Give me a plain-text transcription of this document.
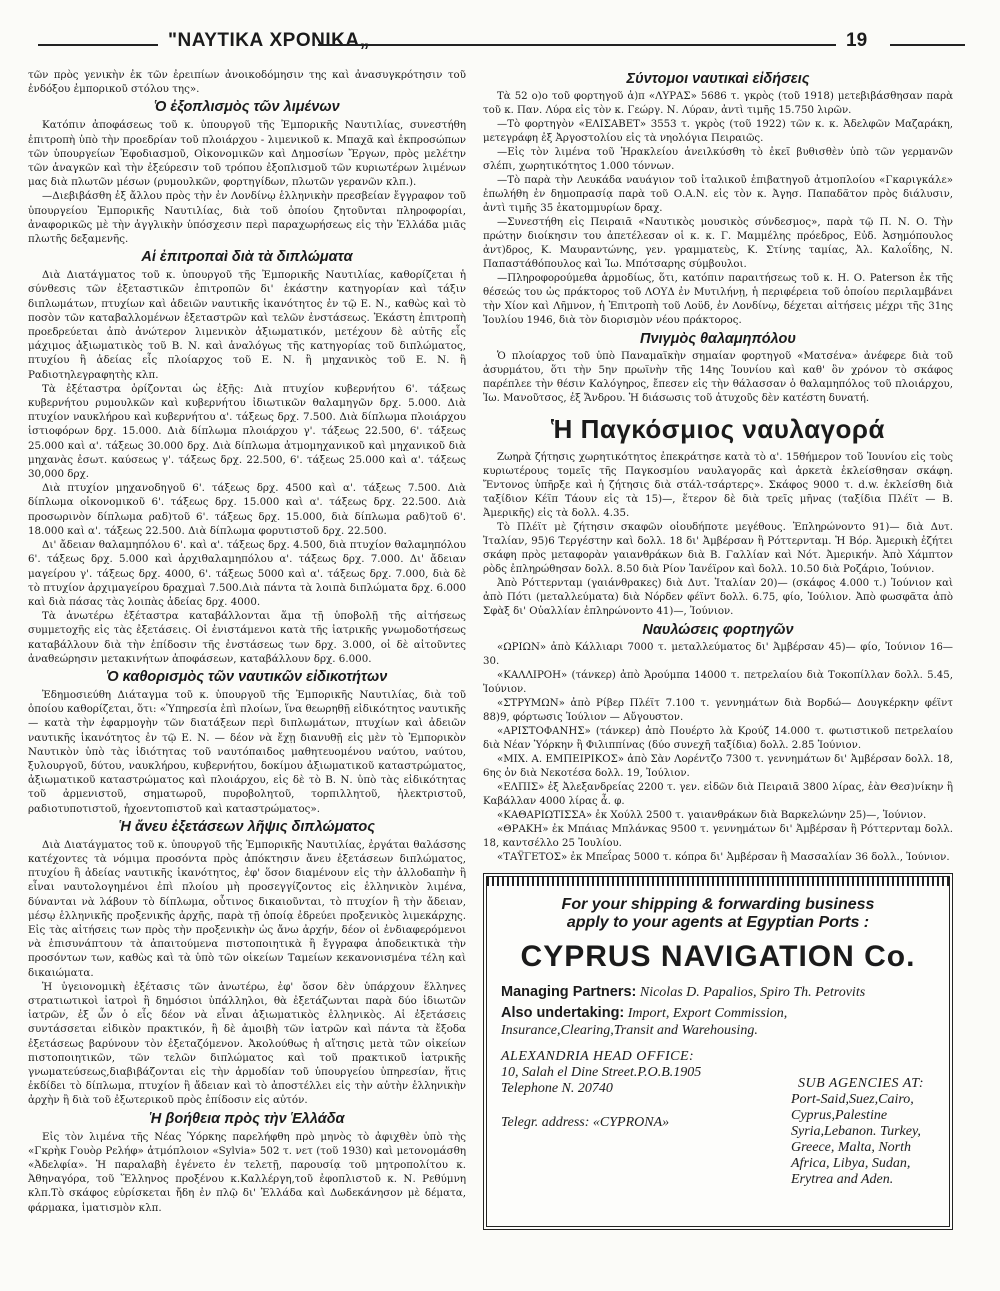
"ΝΑΥΤΙΚΑ ΧΡΟΝΙΚΑ„	19

τῶν πρὸς γενικὴν ἐκ τῶν ἐρειπίων ἀνοικοδόμησιν της καὶ ἀνασυγκρότησιν τοῦ ἐνδόξου ἐμπορικοῦ στόλου της».

Ὁ ἐξοπλισμὸς τῶν λιμένων

Κατόπιν ἀποφάσεως τοῦ κ. ὑπουργοῦ τῆς Ἐμπορικῆς Ναυτιλίας, συνεστήθη ἐπιτροπὴ ὑπὸ τὴν προεδρίαν τοῦ πλοιάρχου - λιμενικοῦ κ. Μπαχᾶ καὶ ἐκπροσώπων τῶν ὑπουργείων Ἐφοδιασμοῦ, Οἰκονομικῶν καὶ Δημοσίων Ἔργων, πρὸς μελέτην τῶν ἀναγκῶν καὶ τὴν ἐξεύρεσιν τοῦ τρόπου ἐξοπλισμοῦ τῶν κυριωτέρων λιμένων μας διὰ πλωτῶν μέσων (ρυμουλκῶν, φορτηγίδων, πλωτῶν γερανῶν κλπ.).

—Διεβιβάσθη ἐξ ἄλλου πρὸς τὴν ἐν Λονδίνῳ ἑλληνικὴν πρεσβείαν ἔγγραφον τοῦ ὑπουργείου Ἐμπορικῆς Ναυτιλίας, διὰ τοῦ ὁποίου ζητοῦνται πληροφορίαι, ἀναφορικῶς μὲ τὴν ἀγγλικὴν ὑπόσχεσιν περὶ παραχωρήσεως εἰς τὴν Ἑλλάδα μιᾶς πλωτῆς δεξαμενῆς.

Αἱ ἐπιτροπαὶ διὰ τὰ διπλώματα

Διὰ Διατάγματος τοῦ κ. ὑπουργοῦ τῆς Ἐμπορικῆς Ναυτιλίας, καθορίζεται ἡ σύνθεσις τῶν ἐξεταστικῶν ἐπιτροπῶν δι' ἑκάστην κατηγορίαν καὶ τάξιν διπλωμάτων, πτυχίων καὶ ἀδειῶν ναυτικῆς ἱκανότητος ἐν τῷ Ε. Ν., καθὼς καὶ τὸ ποσὸν τῶν καταβαλλομένων ἐξεταστρῶν καὶ τελῶν ἐνστάσεως. Ἑκάστη ἐπιτροπὴ προεδρεύεται ἀπὸ ἀνώτερον λιμενικὸν ἀξιωματικόν, μετέχουν δὲ αὐτῆς εἷς μάχιμος ἀξιωματικὸς τοῦ Β. Ν. καὶ ἀναλόγως τῆς κατηγορίας τοῦ διπλώματος, πτυχίου ἢ ἀδείας εἷς πλοίαρχος τοῦ Ε. Ν. ἢ μηχανικὸς τοῦ Ε. Ν. ἢ Ραδιοτηλεγραφητὴς κλπ.

Τὰ ἐξέταστρα ὁρίζονται ὡς ἑξῆς: Διὰ πτυχίον κυβερνήτου 6'. τάξεως κυβερνήτου ρυμουλκῶν καὶ κυβερνήτου ἰδιωτικῶν θαλαμηγῶν δρχ. 5.000. Διὰ πτυχίον ναυκλήρου καὶ κυβερνήτου α'. τάξεως δρχ. 7.500. Διὰ δίπλωμα πλοιάρχου ἱστιοφόρων δρχ. 15.000. Διὰ δίπλωμα πλοιάρχου γ'. τάξεως 22.500, 6'. τάξεως 25.000 καὶ α'. τάξεως 30.000 δρχ. Διὰ δίπλωμα ἀτμομηχανικοῦ καὶ μηχανικοῦ διὰ μηχανὰς ἐσωτ. καύσεως γ'. τάξεως δρχ. 22.500, 6'. τάξεως 25.000 καὶ α'. τάξεως 30,000 δρχ.

Διὰ πτυχίον μηχανοδηγοῦ 6'. τάξεως δρχ. 4500 καὶ α'. τάξεως 7.500. Διὰ δίπλωμα οἰκονομικοῦ 6'. τάξεως δρχ. 15.000 καὶ α'. τάξεως δρχ. 22.500. Διὰ προσωρινὸν δίπλωμα ραδ)τοῦ 6'. τάξεως δρχ. 15.000, διὰ δίπλωμα ραδ)τοῦ 6'. 18.000 καὶ α'. τάξεως 22.500. Διὰ δίπλωμα φορυτιστοῦ δρχ. 22.500.

Δι' ἄδειαν θαλαμηπόλου 6'. καὶ α'. τάξεως δρχ. 4.500, διὰ πτυχίον θαλαμηπόλου 6'. τάξεως δρχ. 5.000 καὶ ἀρχιθαλαμηπόλου α'. τάξεως δρχ. 7.000. Δι' ἄδειαν μαγείρου γ'. τάξεως δρχ. 4000, 6'. τάξεως 5000 καὶ α'. τάξεως δρχ. 7.000, διὰ δὲ τὸ πτυχίον ἀρχιμαγείρου δραχμαὶ 7.500.Διὰ πάντα τὰ λοιπὰ διπλώματα δρχ. 6.000 καὶ διὰ πάσας τὰς λοιπὰς ἀδείας δρχ. 4000.

Τὰ ἀνωτέρω ἐξέταστρα καταβάλλονται ἅμα τῇ ὑποβολῇ τῆς αἰτήσεως συμμετοχῆς εἰς τὰς ἐξετάσεις. Οἱ ἐνιστάμενοι κατὰ τῆς ἰατρικῆς γνωμοδοτήσεως καταβάλλουν διὰ τὴν ἐπίδοσιν τῆς ἐνστάσεως των δρχ. 3.000, οἱ δὲ αἰτοῦντες ἀναθεώρησιν μετακινήτων ἀποφάσεων, καταβάλλουν δρχ. 6.000.

Ὁ καθορισμὸς τῶν ναυτικῶν εἰδικοτήτων

Ἐδημοσιεύθη Διάταγμα τοῦ κ. ὑπουργοῦ τῆς Ἐμπορικῆς Ναυτιλίας, διὰ τοῦ ὁποίου καθορίζεται, ὅτι: «Ὑπηρεσία ἐπὶ πλοίων, ἵνα θεωρηθῇ εἰδικότητος ναυτικῆς — κατὰ τὴν ἐφαρμογὴν τῶν διατάξεων περὶ διπλωμάτων, πτυχίων καὶ ἀδειῶν ναυτικῆς ἱκανότητος ἐν τῷ Ε. Ν. — δέον νὰ ἔχῃ διανυθῇ εἰς μὲν τὸ Ἐμπορικὸν Ναυτικὸν ὑπὸ τὰς ἰδιότητας τοῦ ναυτόπαιδος μαθητευομένου ναύτου, ναύτου, ξυλουργοῦ, δύτου, ναυκλήρου, κυβερνήτου, δοκίμου ἀξιωματικοῦ καταστρώματος, ἀξιωματικοῦ καταστρώματος καὶ πλοιάρχου, εἰς δὲ τὸ Β. Ν. ὑπὸ τὰς εἰδικότητας τοῦ ἀρμενιστοῦ, σηματωροῦ, πυροβολητοῦ, τορπιλλητοῦ, ἠλεκτριστοῦ, ραδιοτυποτιστοῦ, ἠχοεντοπιστοῦ καὶ καταστρώματος».

Ἡ ἄνευ ἐξετάσεων λῆψις διπλώματος

Διὰ Διατάγματος τοῦ κ. ὑπουργοῦ τῆς Ἐμπορικῆς Ναυτιλίας, ἐργάται θαλάσσης κατέχοντες τὰ νόμιμα προσόντα πρὸς ἀπόκτησιν ἄνευ ἐξετάσεων διπλώματος, πτυχίου ἢ ἀδείας ναυτικῆς ἱκανότητος, ἐφ' ὅσον διαμένουν εἰς τὴν ἀλλοδαπὴν ἢ εἶναι ναυτολογημένοι ἐπὶ πλοίου μὴ προσεγγίζοντος εἰς ἑλληνικὸν λιμένα, δύνανται νὰ λάβουν τὸ δίπλωμα, οὗτινος δικαιοῦνται, τὸ πτυχίον ἢ τὴν ἄδειαν, μέσῳ ἑλληνικῆς προξενικῆς ἀρχῆς, παρὰ τῇ ὁποίᾳ ἐδρεύει προξενικὸς λιμεκάρχης. Εἰς τὰς αἰτήσεις των πρὸς τὴν προξενικὴν ὡς ἄνω ἀρχήν, δέον οἱ ἐνδιαφερόμενοι νὰ ἐπισυνάπτουν τὰ ἀπαιτούμενα πιστοποιητικὰ ἢ ἔγγραφα ἀποδεικτικὰ τὴν προσόντων των, καθὼς καὶ τὰ ὑπὸ τῶν οἰκείων Ταμείων κεκανονισμένα τέλη καὶ δικαιώματα.

Ἡ ὑγειονομικὴ ἐξέτασις τῶν ἀνωτέρω, ἐφ' ὅσον δὲν ὑπάρχουν ἕλληνες στρατιωτικοὶ ἰατροὶ ἢ δημόσιοι ὑπάλληλοι, θὰ ἐξετάζωνται παρὰ δύο ἰδιωτῶν ἰατρῶν, ἐξ ὧν ὁ εἷς δέον νὰ εἶναι ἀξιωματικὸς ἑλληνικὸς. Αἱ ἐξετάσεις συντάσσεται εἰδικὸν πρακτικόν, ἢ δὲ ἀμοιβὴ τῶν ἰατρῶν καὶ πάντα τὰ ἔξοδα ἐξετάσεως βαρύνουν τὸν ἐξεταζόμενον. Ἀκολούθως ἡ αἴτησις μετὰ τῶν οἰκείων πιστοποιητικῶν, τῶν τελῶν διπλώματος καὶ τοῦ πρακτικοῦ ἰατρικῆς γνωματεύσεως,διαβιβάζονται εἰς τὴν ἁρμοδίαν τοῦ ὑπουργείου ὑπηρεσίαν, ἥτις ἐκδίδει τὸ δίπλωμα, πτυχίον ἢ ἄδειαν καὶ τὸ ἀποστέλλει εἰς τὴν αὐτὴν ἑλληνικὴν ἀρχὴν ἢ διὰ τοῦ ἐξωτερικοῦ πρὸς ἐπίδοσιν εἰς αὐτόν.

Ἡ βοήθεια πρὸς τὴν Ἑλλάδα

Εἰς τὸν λιμένα τῆς Νέας Ὑόρκης παρελήφθη πρὸ μηνὸς τὸ ἀφιχθὲν ὑπὸ τὴς «Γκρὴκ Γουὸρ Ρελήφ» ἀτμόπλοιον «Sylvia» 502 τ. νετ (τοῦ 1930) καὶ μετονομάσθη «Ἀδελφία». Ἡ παραλαβὴ ἐγένετο ἐν τελετῇ, παρουσίᾳ τοῦ μητροπολίτου κ. Ἀθηναγόρα, τοῦ Ἕλληνος προξένου κ.Καλλέργη,τοῦ ἐφοπλιστοῦ κ. Ν. Ρεθύμνη κλπ.Τὸ σκάφος εὑρίσκεται ἤδη ἐν πλῷ δι' Ἑλλάδα καὶ Δωδεκάνησον μὲ δέματα, φάρμακα, ἱματισμὸν κλπ.

Σύντομοι ναυτικαὶ εἰδήσεις

Τὰ 52 ο)ο τοῦ φορτηγοῦ ἀ)π «ΛΥΡΑΣ» 5686 τ. γκρὸς (τοῦ 1918) μετεβιβάσθησαν παρὰ τοῦ κ. Παν. Λύρα εἰς τὸν κ. Γεώργ. Ν. Λύραν, ἀντὶ τιμῆς 15.750 λιρῶν.

—Τὸ φορτηγὸν «ΕΛΙΣΑΒΕΤ» 3553 τ. γκρὸς (τοῦ 1922) τῶν κ. κ. Ἀδελφῶν Μαζαράκη, μετεγράφη ἐξ Ἀργοστολίου εἰς τὰ νηολόγια Πειραιῶς.

—Εἰς τὸν λιμένα τοῦ Ἡρακλείου ἀνειλκύσθη τὸ ἐκεῖ βυθισθὲν ὑπὸ τῶν γερμανῶν σλέπι, χωρητικότητος 1.000 τόννων.

—Τὸ παρὰ τὴν Λευκάδα ναυάγιον τοῦ ἰταλικοῦ ἐπιβατηγοῦ ἀτμοπλοίου «Γκαριγκάλε» ἐπωλήθη ἐν δημοπρασίᾳ παρὰ τοῦ Ο.Α.Ν. εἰς τὸν κ. Ἀγησ. Παπαδᾶτον πρὸς διάλυσιν, ἀντὶ τιμῆς 35 ἑκατομμυρίων δραχ.

—Συνεστήθη εἰς Πειραιᾶ «Ναυτικὸς μουσικὸς σύνδεσμος», παρὰ τῷ Π. Ν. Ο. Τὴν πρώτην διοίκησιν του ἀπετέλεσαν οἱ κ. κ. Γ. Μαμμέλης πρόεδρος, Εὐδ. Ἀσημόπουλος ἀντ)δρος, Κ. Μαυραντώνης, γεν. γραμματεὺς, Κ. Στίνης ταμίας, Ἀλ. Καλοΐδης, Ν. Παπαστάθόπουλος καὶ Ἰω. Μπότσαρης σύμβουλοι.

—Πληροφορούμεθα ἁρμοδίως, ὅτι, κατόπιν παραιτήσεως τοῦ κ. Η. Ο. Paterson ἐκ τῆς θέσεώς του ὡς πράκτορος τοῦ ΛΟΥΔ ἐν Μυτιλήνῃ, ἡ περιφέρεια τοῦ ὁποίου περιλαμβάνει τὴν Χίον καὶ Λῆμνον, ἡ Ἐπιτροπὴ τοῦ Λοϋδ, ἐν Λονδίνῳ, δέχεται αἰτήσεις μέχρι τῆς 31ης Ἰουλίου 1946, διὰ τὸν διορισμὸν νέου πράκτορος.

Πνιγμὸς θαλαμηπόλου

Ὁ πλοίαρχος τοῦ ὑπὸ Παναμαϊκὴν σημαίαν φορτηγοῦ «Ματσένα» ἀνέφερε διὰ τοῦ ἀσυρμάτου, ὅτι τὴν 5ην πρωϊνὴν τῆς 14ης Ἰουνίου καὶ καθ' ὃν χρόνον τὸ σκάφος παρέπλεε τὴν θέσιν Καλόγηρος, ἔπεσεν εἰς τὴν θάλασσαν ὁ θαλαμηπόλος τοῦ πλοιάρχου, Ἰω. Μανοῦτσος, ἐξ Ἄνδρου. Ἡ διάσωσις τοῦ ἀτυχοῦς δὲν κατέστη δυνατή.

Ἡ Παγκόσμιος ναυλαγορά

Ζωηρὰ ζήτησις χωρητικότητος ἐπεκράτησε κατὰ τὸ α'. 15θήμερον τοῦ Ἰουνίου εἰς τοὺς κυριωτέρους τομεῖς τῆς Παγκοσμίου ναυλαγορᾶς καὶ ἀρκετὰ ἐκλείσθησαν σκάφη. Ἔντονος ὑπῆρξε καὶ ἡ ζήτησις διὰ στάλ-τσάρτερς». Σκάφος 9000 τ. d.w. ἐκλείσθη διὰ ταξίδιον Κέϊπ Τάουν εἰς τὰ 15)—, ἕτερον δὲ διὰ τρεῖς μῆνας (ταξίδια Πλέϊτ — Β. Ἀμερικῆς) εἰς τὰ δολλ. 4.35.

Τὸ Πλέϊτ μὲ ζήτησιν σκαφῶν οἱουδήποτε μεγέθους. Ἐπληρώνοντο 91)— διὰ Δυτ. Ἰταλίαν, 95)6 Τεργέστην καὶ δολλ. 18 δι' Ἀμβέρσαν ἢ Ρόττερνταμ. Ἡ Βόρ. Ἀμερικὴ ἐζήτει σκάφη πρὸς μεταφορὰν γαιανθράκων διὰ Β. Γαλλίαν καὶ Νότ. Ἀμερικήν. Ἀπὸ Χάμπτον ρὸδς ἐπληρώθησαν δολλ. 8.50 διὰ Ρίον Ἰανέϊρον καὶ δολλ. 10.50 διὰ Ροζάριο, Ἰούνιον.

Ἀπὸ Ρόττερνταμ (γαιάνθρακες) διὰ Δυτ. Ἰταλίαν 20)— (σκάφος 4.000 τ.) Ἰούνιον καὶ ἀπὸ Πότι (μεταλλεύματα) διὰ Νόρδεν φέϊντ δολλ. 6.75, φίο, Ἰούλιον. Ἀπὸ φωσφᾶτα ἀπὸ Σφὰξ δι' Οὐαλλίαν ἐπληρώνοντο 41)—, Ἰούνιον.

Ναυλώσεις φορτηγῶν

«ΩΡΙΩΝ» ἀπὸ Κάλλιαρι 7000 τ. μεταλλεύματος δι' Ἀμβέρσαν 45)— φίο, Ἰούνιον 16—30.

«ΚΑΛΛΙΡΟΗ» (τάνκερ) ἀπὸ Ἀρούμπα 14000 τ. πετρελαίου διὰ Τοκοπίλλαν δολλ. 5.45, Ἰούνιον.

«ΣΤΡΥΜΩΝ» ἀπὸ Ρίβερ Πλέϊτ 7.100 τ. γεννημάτων διὰ Βορδώ— Δουγκέρκην φέϊντ 88)9, φόρτωσις Ἰούλιον — Αὔγουστον.

«ΑΡΙΣΤΟΦΑΝΗΣ» (τάνκερ) ἀπὸ Πουέρτο λὰ Κρούζ 14.000 τ. φωτιστικοῦ πετρελαίου διὰ Νέαν Ὑόρκην ἢ Φιλιππίνας (δύο συνεχῆ ταξίδια) δολλ. 2.85 Ἰούνιον.

«ΜΙΧ. Α. ΕΜΠΕΙΡΙΚΟΣ» ἀπὸ Σὰν Λορέντζο 7300 τ. γεννημάτων δι' Ἀμβέρσαν δολλ. 18, 6ης ὁν διὰ Νεκοτέσα δολλ. 19, Ἰούλιον.

«ΕΛΠΙΣ» ἐξ Ἀλεξανδρείας 2200 τ. γεν. εἰδῶν διὰ Πειραιᾶ 3800 λίρας, ἐὰν Θεσ)νίκην ἢ Καβάλλαν 4000 λίρας ἆ. φ.

«ΚΑΘΑΡΙΩΤΙΣΣΑ» ἐκ Χούλλ 2500 τ. γαιανθράκων διὰ Βαρκελώνην 25)—, Ἰούνιον.

«ΘΡΑΚΗ» ἐκ Μπάιας Μπλάνκας 9500 τ. γεννημάτων δι' Ἀμβέρσαν ἢ Ρόττερνταμ δολλ. 18, καντσέλλο 25 Ἰουλίου.

«ΤΑΫΓΕΤΟΣ» ἐκ Μπεΐρας 5000 τ. κόπρα δι' Ἀμβέρσαν ἢ Μασσαλίαν 36 δολλ., Ἰούνιον.

For your shipping & forwarding business
apply to your agents at Egyptian Ports :
CYPRUS NAVIGATION Co.
Managing Partners: Nicolas D. Papalios, Spiro Th. Petrovits
Also undertaking: Import, Export Commission, Insurance,Clearing,Transit and Warehousing.
ALEXANDRIA HEAD OFFICE:
10, Salah el Dine Street.P.O.B.1905
Telephone N. 20740	SUB AGENCIES AT:
Port-Said,Suez,Cairo, Cyprus,Palestine Syria,Lebanon. Turkey, Greece, Malta, North Africa, Libya, Sudan, Erytrea and Aden.
Telegr. address: «CYPRONA»
